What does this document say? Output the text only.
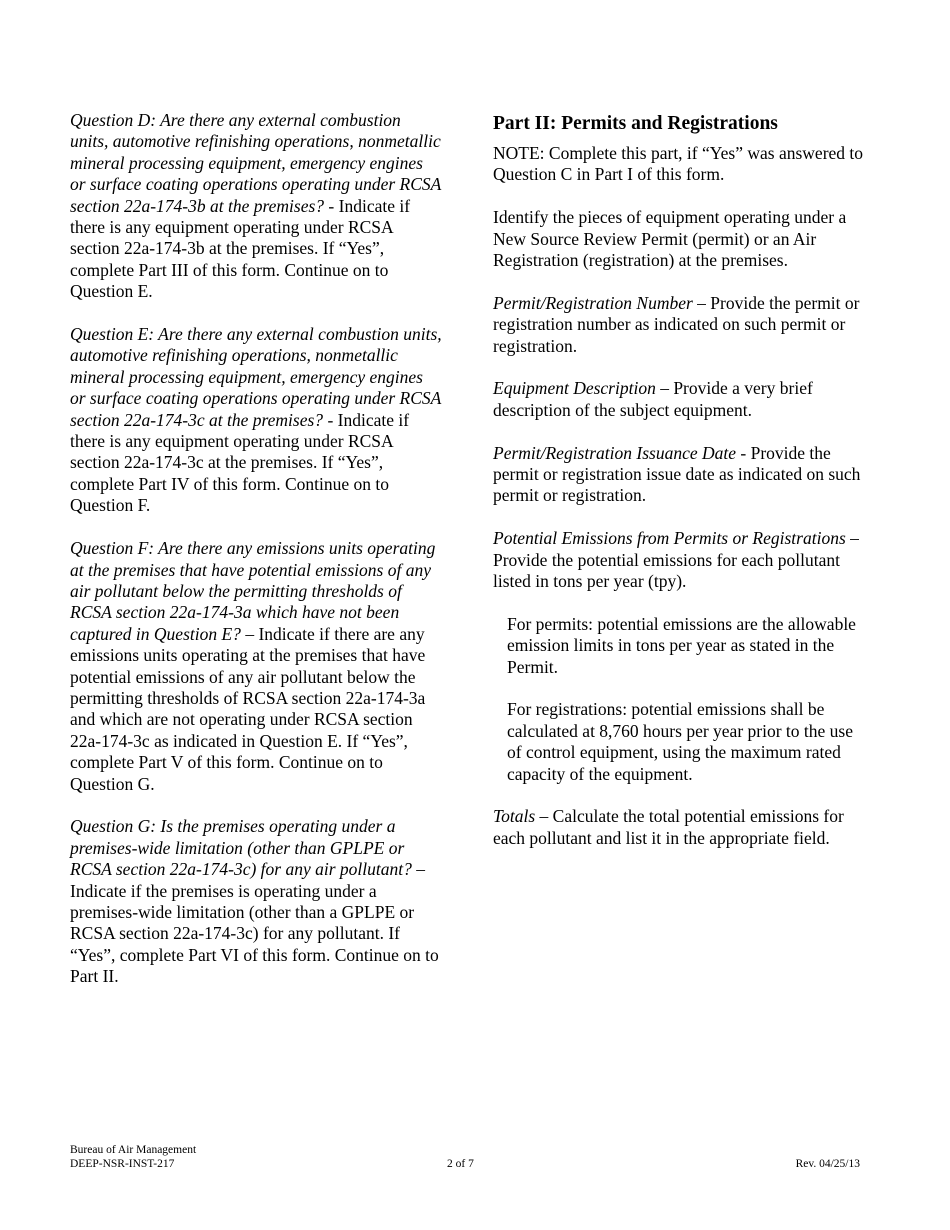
Question D: Are there any external combustion units, automotive refinishing operations, nonmetallic mineral processing equipment, emergency engines or surface coating operations operating under RCSA section 22a-174-3b at the premises? - Indicate if there is any equipment operating under RCSA section 22a-174-3b at the premises. If “Yes”, complete Part III of this form. Continue on to Question E.

Question E: Are there any external combustion units, automotive refinishing operations, nonmetallic mineral processing equipment, emergency engines or surface coating operations operating under RCSA section 22a-174-3c at the premises? - Indicate if there is any equipment operating under RCSA section 22a-174-3c at the premises. If “Yes”, complete Part IV of this form. Continue on to Question F.

Question F: Are there any emissions units operating at the premises that have potential emissions of any air pollutant below the permitting thresholds of RCSA section 22a-174-3a which have not been captured in Question E? – Indicate if there are any emissions units operating at the premises that have potential emissions of any air pollutant below the permitting thresholds of RCSA section 22a-174-3a and which are not operating under RCSA section 22a-174-3c as indicated in Question E. If “Yes”, complete Part V of this form. Continue on to Question G.

Question G: Is the premises operating under a premises-wide limitation (other than GPLPE or RCSA section 22a-174-3c) for any air pollutant? – Indicate if the premises is operating under a premises-wide limitation (other than a GPLPE or RCSA section 22a-174-3c) for any pollutant. If “Yes”, complete Part VI of this form. Continue on to Part II.

Part II: Permits and Registrations

NOTE: Complete this part, if “Yes” was answered to Question C in Part I of this form.

Identify the pieces of equipment operating under a New Source Review Permit (permit) or an Air Registration (registration) at the premises.

Permit/Registration Number – Provide the permit or registration number as indicated on such permit or registration.

Equipment Description – Provide a very brief description of the subject equipment.

Permit/Registration Issuance Date - Provide the permit or registration issue date as indicated on such permit or registration.

Potential Emissions from Permits or Registrations – Provide the potential emissions for each pollutant listed in tons per year (tpy).

For permits: potential emissions are the allowable emission limits in tons per year as stated in the Permit.

For registrations: potential emissions shall be calculated at 8,760 hours per year prior to the use of control equipment, using the maximum rated capacity of the equipment.

Totals – Calculate the total potential emissions for each pollutant and list it in the appropriate field.

Bureau of Air Management
DEEP-NSR-INST-217	2 of 7	Rev. 04/25/13
